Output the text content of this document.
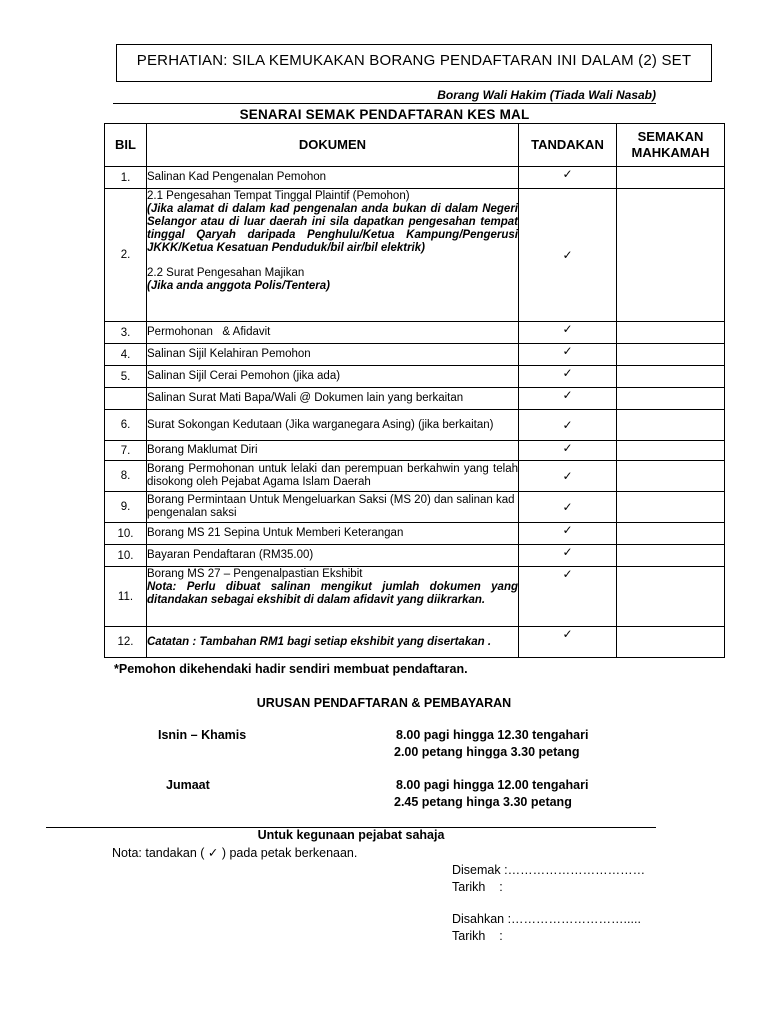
PERHATIAN: SILA KEMUKAKAN BORANG PENDAFTARAN INI DALAM (2) SET
Borang Wali Hakim (Tiada Wali Nasab)
SENARAI SEMAK PENDAFTARAN KES MAL
BIL	DOKUMEN	TANDAKAN	SEMAKAN
MAHKAMAH
1.	Salinan Kad Pengenalan Pemohon	✓	
2.	2.1 Pengesahan Tempat Tinggal Plaintif (Pemohon)
(Jika alamat di dalam kad pengenalan anda bukan di dalam Negeri Selangor atau di luar daerah ini sila dapatkan pengesahan tempat tinggal Qaryah daripada Penghulu/Ketua Kampung/Pengerusi JKKK/Ketua Kesatuan Penduduk/bil air/bil elektrik)
2.2 Surat Pengesahan Majikan
(Jika anda anggota Polis/Tentera)	✓	
3.	Permohonan   & Afidavit	✓	
4.	Salinan Sijil Kelahiran Pemohon	✓	
5.	Salinan Sijil Cerai Pemohon (jika ada)	✓	
	Salinan Surat Mati Bapa/Wali @ Dokumen lain yang berkaitan	✓	
6.	Surat Sokongan Kedutaan (Jika warganegara Asing) (jika berkaitan)	✓	
7.	Borang Maklumat Diri	✓	
8.	Borang Permohonan untuk lelaki dan perempuan berkahwin yang telah disokong oleh Pejabat Agama Islam Daerah	✓	
9.	Borang Permintaan Untuk Mengeluarkan Saksi (MS 20) dan salinan kad pengenalan saksi	✓	
10.	Borang MS 21 Sepina Untuk Memberi Keterangan	✓	
10.	Bayaran Pendaftaran (RM35.00)	✓	
11.	Borang MS 27 – Pengenalpastian Ekshibit
Nota: Perlu dibuat salinan mengikut jumlah dokumen yang ditandakan sebagai ekshibit di dalam afidavit yang diikrarkan.	✓	
12.	Catatan : Tambahan RM1 bagi setiap ekshibit yang disertakan .	✓	
*Pemohon dikehendaki hadir sendiri membuat pendaftaran.
URUSAN PENDAFTARAN & PEMBAYARAN
Isnin – Khamis	8.00 pagi hingga 12.30 tengahari
2.00 petang hingga 3.30 petang
Jumaat	8.00 pagi hingga 12.00 tengahari
2.45 petang hinga 3.30 petang
Untuk kegunaan pejabat sahaja
Nota: tandakan ( ✓ ) pada petak berkenaan.
Disemak :……………………………
Tarikh    :
Disahkan :……………………….....
Tarikh    :
